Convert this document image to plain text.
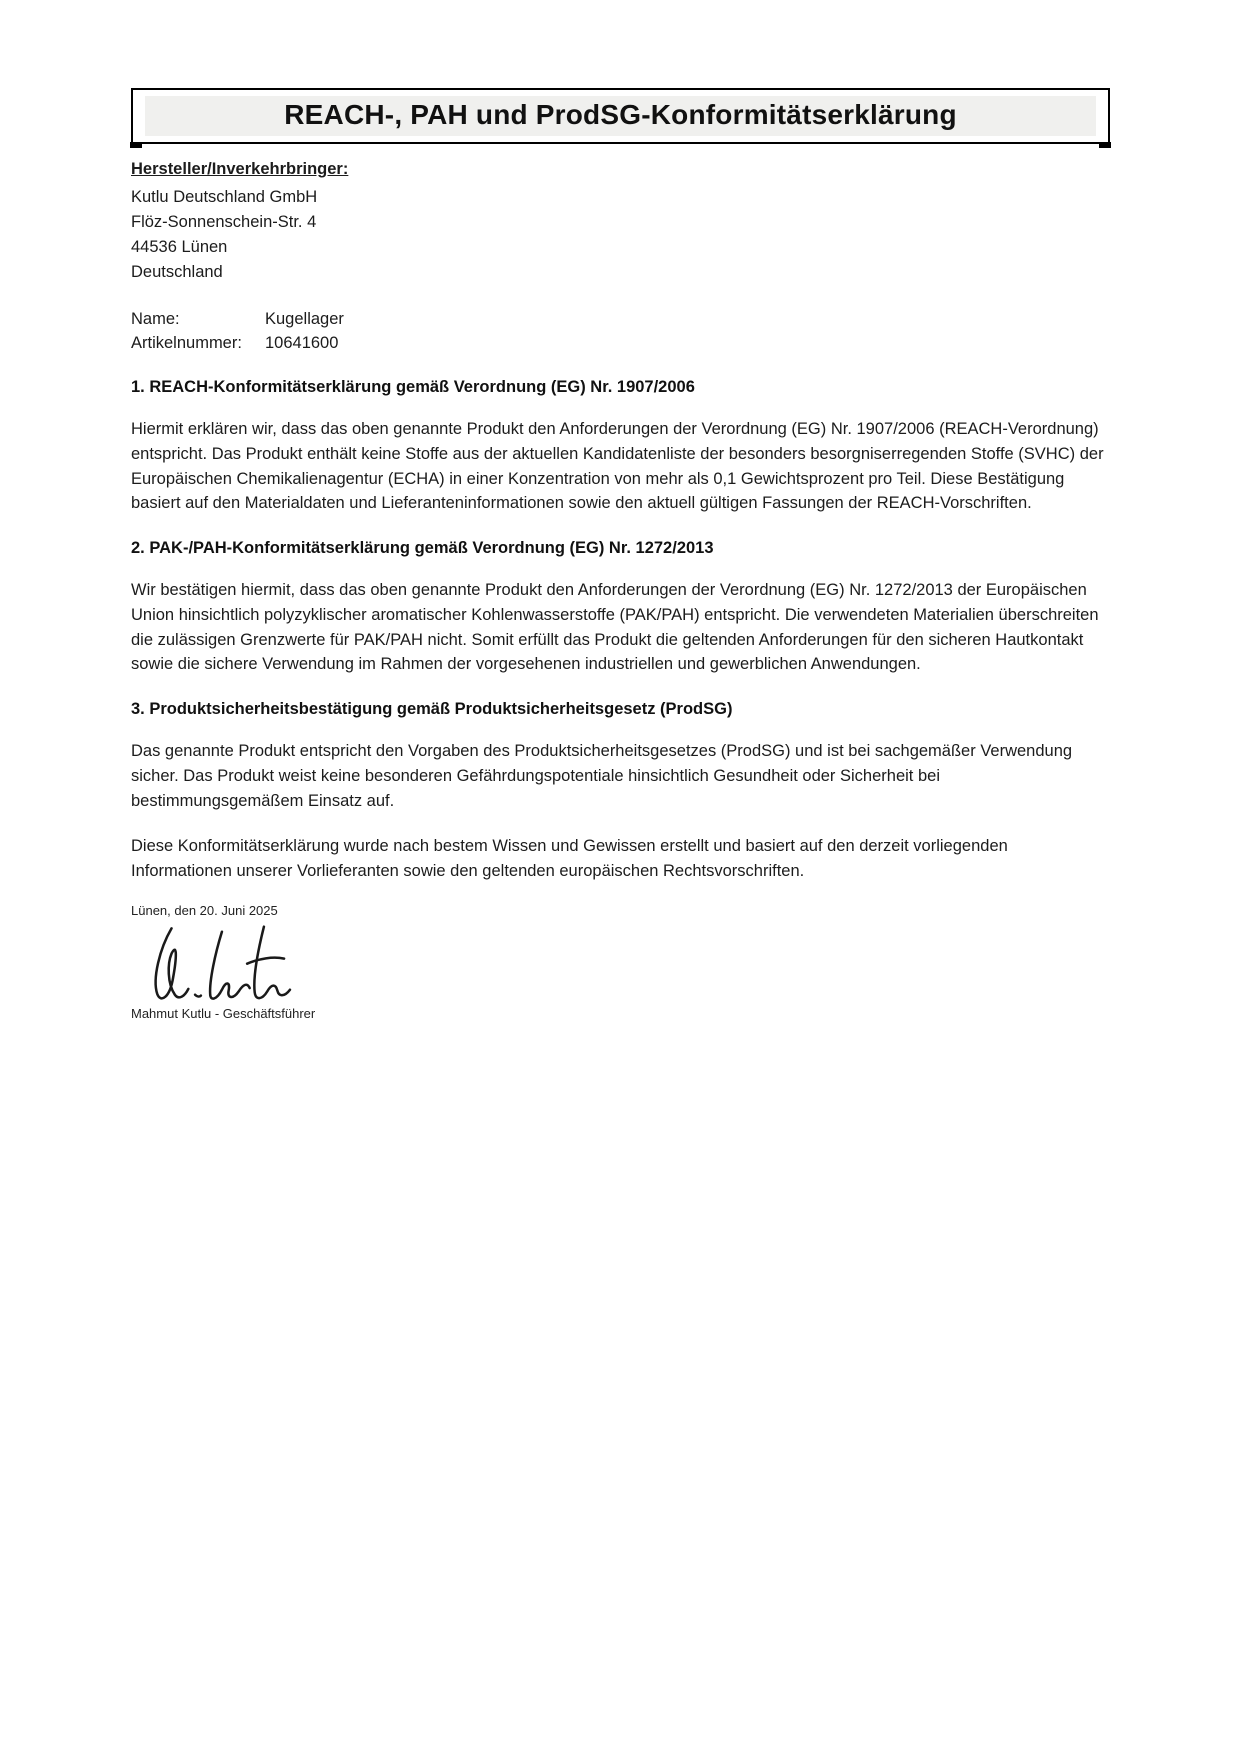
REACH-, PAH und ProdSG-Konformitätserklärung
Hersteller/Inverkehrbringer:
Kutlu Deutschland GmbH
Flöz-Sonnenschein-Str. 4
44536 Lünen
Deutschland
Name:	Kugellager
Artikelnummer:	10641600
1. REACH-Konformitätserklärung gemäß Verordnung (EG) Nr. 1907/2006

Hiermit erklären wir, dass das oben genannte Produkt den Anforderungen der Verordnung (EG) Nr. 1907/2006 (REACH-Verordnung) entspricht. Das Produkt enthält keine Stoffe aus der aktuellen Kandidatenliste der besonders besorgniserregenden Stoffe (SVHC) der Europäischen Chemikalienagentur (ECHA) in einer Konzentration von mehr als 0,1 Gewichtsprozent pro Teil. Diese Bestätigung basiert auf den Materialdaten und Lieferanteninformationen sowie den aktuell gültigen Fassungen der REACH-Vorschriften.

2. PAK-/PAH-Konformitätserklärung gemäß Verordnung (EG) Nr. 1272/2013

Wir bestätigen hiermit, dass das oben genannte Produkt den Anforderungen der Verordnung (EG) Nr. 1272/2013 der Europäischen Union hinsichtlich polyzyklischer aromatischer Kohlenwasserstoffe (PAK/PAH) entspricht. Die verwendeten Materialien überschreiten die zulässigen Grenzwerte für PAK/PAH nicht. Somit erfüllt das Produkt die geltenden Anforderungen für den sicheren Hautkontakt sowie die sichere Verwendung im Rahmen der vorgesehenen industriellen und gewerblichen Anwendungen.

3. Produktsicherheitsbestätigung gemäß Produktsicherheitsgesetz (ProdSG)

Das genannte Produkt entspricht den Vorgaben des Produktsicherheitsgesetzes (ProdSG) und ist bei sachgemäßer Verwendung sicher. Das Produkt weist keine besonderen Gefährdungspotentiale hinsichtlich Gesundheit oder Sicherheit bei bestimmungsgemäßem Einsatz auf.

Diese Konformitätserklärung wurde nach bestem Wissen und Gewissen erstellt und basiert auf den derzeit vorliegenden Informationen unserer Vorlieferanten sowie den geltenden europäischen Rechtsvorschriften.

Lünen, den 20. Juni 2025
Mahmut Kutlu - Geschäftsführer
